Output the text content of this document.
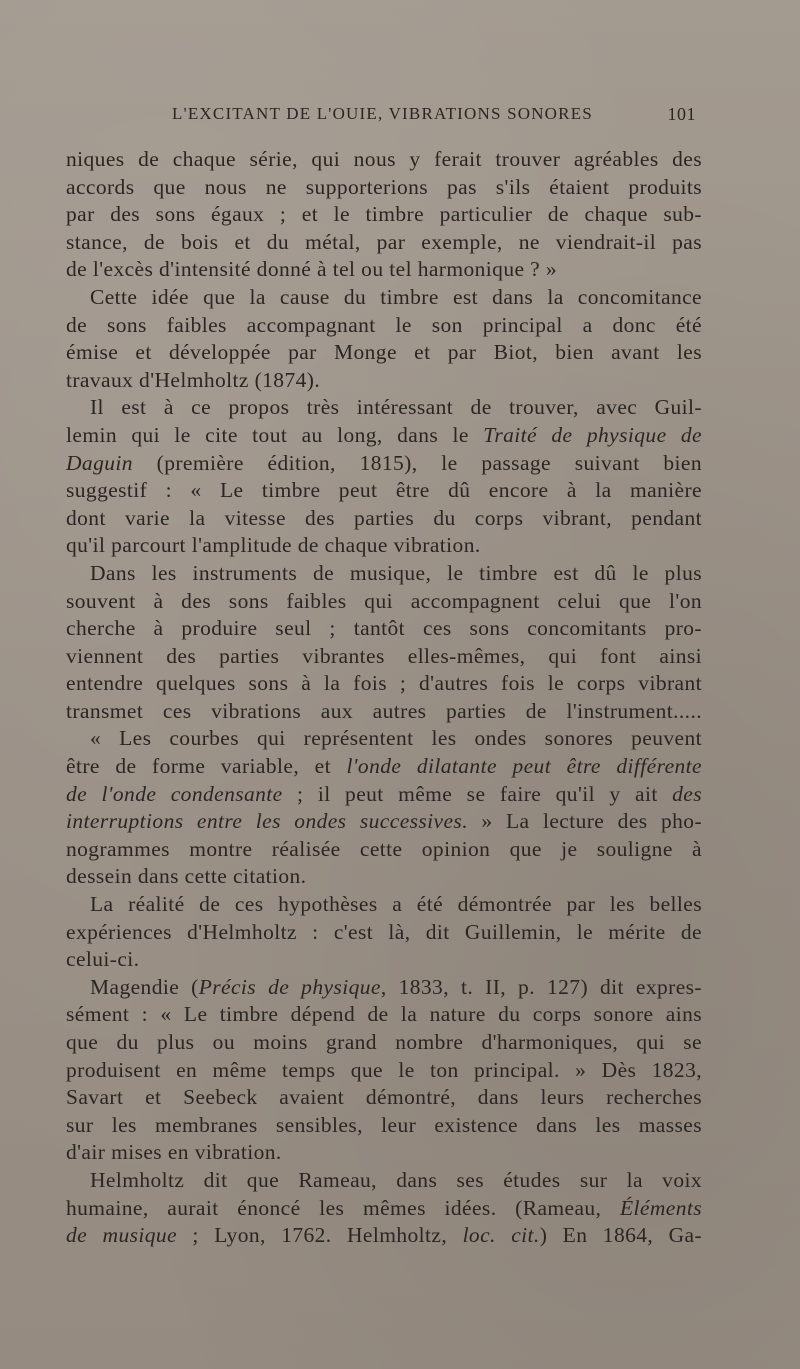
L'EXCITANT DE L'OUIE, VIBRATIONS SONORES	101
niques de chaque série, qui nous y ferait trouver agréables des
accords que nous ne supporterions pas s'ils étaient produits
par des sons égaux ; et le timbre particulier de chaque sub-
stance, de bois et du métal, par exemple, ne viendrait-il pas
de l'excès d'intensité donné à tel ou tel harmonique ? »
Cette idée que la cause du timbre est dans la concomitance
de sons faibles accompagnant le son principal a donc été
émise et développée par Monge et par Biot, bien avant les
travaux d'Helmholtz (1874).
Il est à ce propos très intéressant de trouver, avec Guil-
lemin qui le cite tout au long, dans le Traité de physique de
Daguin (première édition, 1815), le passage suivant bien
suggestif : « Le timbre peut être dû encore à la manière
dont varie la vitesse des parties du corps vibrant, pendant
qu'il parcourt l'amplitude de chaque vibration.
Dans les instruments de musique, le timbre est dû le plus
souvent à des sons faibles qui accompagnent celui que l'on
cherche à produire seul ; tantôt ces sons concomitants pro-
viennent des parties vibrantes elles-mêmes, qui font ainsi
entendre quelques sons à la fois ; d'autres fois le corps vibrant
transmet ces vibrations aux autres parties de l'instrument.....
« Les courbes qui représentent les ondes sonores peuvent
être de forme variable, et l'onde dilatante peut être différente
de l'onde condensante ; il peut même se faire qu'il y ait des
interruptions entre les ondes successives. » La lecture des pho-
nogrammes montre réalisée cette opinion que je souligne à
dessein dans cette citation.
La réalité de ces hypothèses a été démontrée par les belles
expériences d'Helmholtz : c'est là, dit Guillemin, le mérite de
celui-ci.
Magendie (Précis de physique, 1833, t. II, p. 127) dit expres-
sément : « Le timbre dépend de la nature du corps sonore ains
que du plus ou moins grand nombre d'harmoniques, qui se
produisent en même temps que le ton principal. » Dès 1823,
Savart et Seebeck avaient démontré, dans leurs recherches
sur les membranes sensibles, leur existence dans les masses
d'air mises en vibration.
Helmholtz dit que Rameau, dans ses études sur la voix
humaine, aurait énoncé les mêmes idées. (Rameau, Éléments
de musique ; Lyon, 1762. Helmholtz, loc. cit.) En 1864, Ga-
